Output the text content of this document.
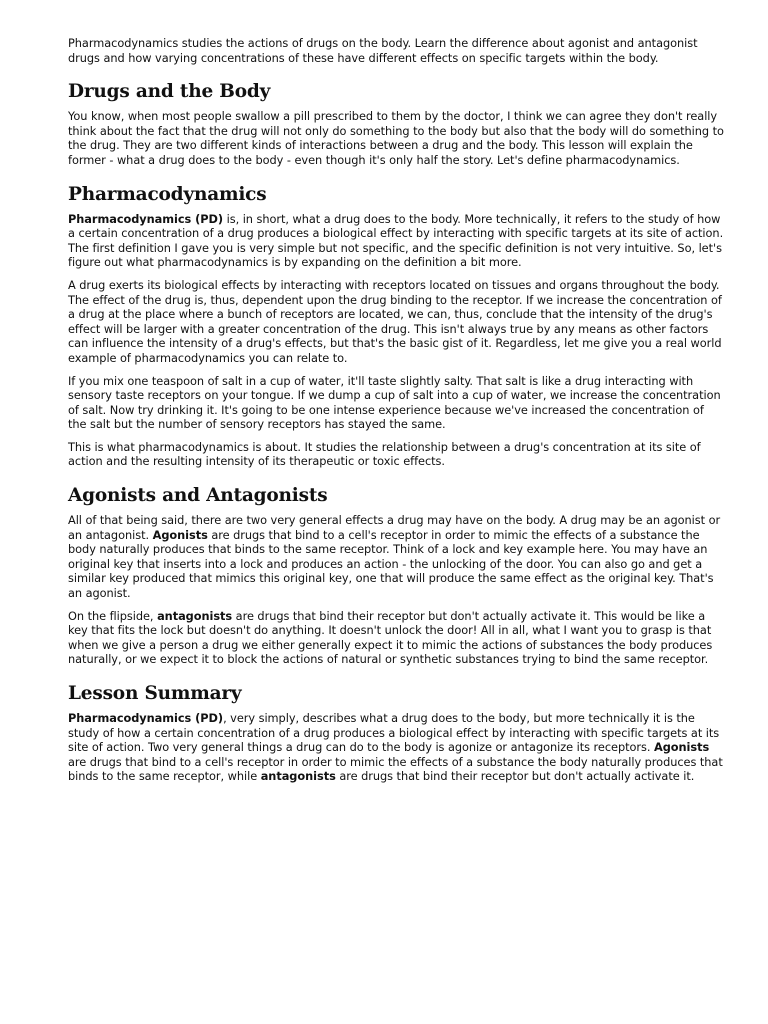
Pharmacodynamics studies the actions of drugs on the body. Learn the difference about agonist and antagonist drugs and how varying concentrations of these have different effects on specific targets within the body.

Drugs and the Body

You know, when most people swallow a pill prescribed to them by the doctor, I think we can agree they don't really think about the fact that the drug will not only do something to the body but also that the body will do something to the drug. They are two different kinds of interactions between a drug and the body. This lesson will explain the former - what a drug does to the body - even though it's only half the story. Let's define pharmacodynamics.

Pharmacodynamics

Pharmacodynamics (PD) is, in short, what a drug does to the body. More technically, it refers to the study of how a certain concentration of a drug produces a biological effect by interacting with specific targets at its site of action. The first definition I gave you is very simple but not specific, and the specific definition is not very intuitive. So, let's figure out what pharmacodynamics is by expanding on the definition a bit more.

A drug exerts its biological effects by interacting with receptors located on tissues and organs throughout the body. The effect of the drug is, thus, dependent upon the drug binding to the receptor. If we increase the concentration of a drug at the place where a bunch of receptors are located, we can, thus, conclude that the intensity of the drug's effect will be larger with a greater concentration of the drug. This isn't always true by any means as other factors can influence the intensity of a drug's effects, but that's the basic gist of it. Regardless, let me give you a real world example of pharmacodynamics you can relate to.

If you mix one teaspoon of salt in a cup of water, it'll taste slightly salty. That salt is like a drug interacting with sensory taste receptors on your tongue. If we dump a cup of salt into a cup of water, we increase the concentration of salt. Now try drinking it. It's going to be one intense experience because we've increased the concentration of the salt but the number of sensory receptors has stayed the same.

This is what pharmacodynamics is about. It studies the relationship between a drug's concentration at its site of action and the resulting intensity of its therapeutic or toxic effects.

Agonists and Antagonists

All of that being said, there are two very general effects a drug may have on the body. A drug may be an agonist or an antagonist. Agonists are drugs that bind to a cell's receptor in order to mimic the effects of a substance the body naturally produces that binds to the same receptor. Think of a lock and key example here. You may have an original key that inserts into a lock and produces an action - the unlocking of the door. You can also go and get a similar key produced that mimics this original key, one that will produce the same effect as the original key. That's an agonist.

On the flipside, antagonists are drugs that bind their receptor but don't actually activate it. This would be like a key that fits the lock but doesn't do anything. It doesn't unlock the door! All in all, what I want you to grasp is that when we give a person a drug we either generally expect it to mimic the actions of substances the body produces naturally, or we expect it to block the actions of natural or synthetic substances trying to bind the same receptor.

Lesson Summary

Pharmacodynamics (PD), very simply, describes what a drug does to the body, but more technically it is the study of how a certain concentration of a drug produces a biological effect by interacting with specific targets at its site of action. Two very general things a drug can do to the body is agonize or antagonize its receptors. Agonists are drugs that bind to a cell's receptor in order to mimic the effects of a substance the body naturally produces that binds to the same receptor, while antagonists are drugs that bind their receptor but don't actually activate it.
